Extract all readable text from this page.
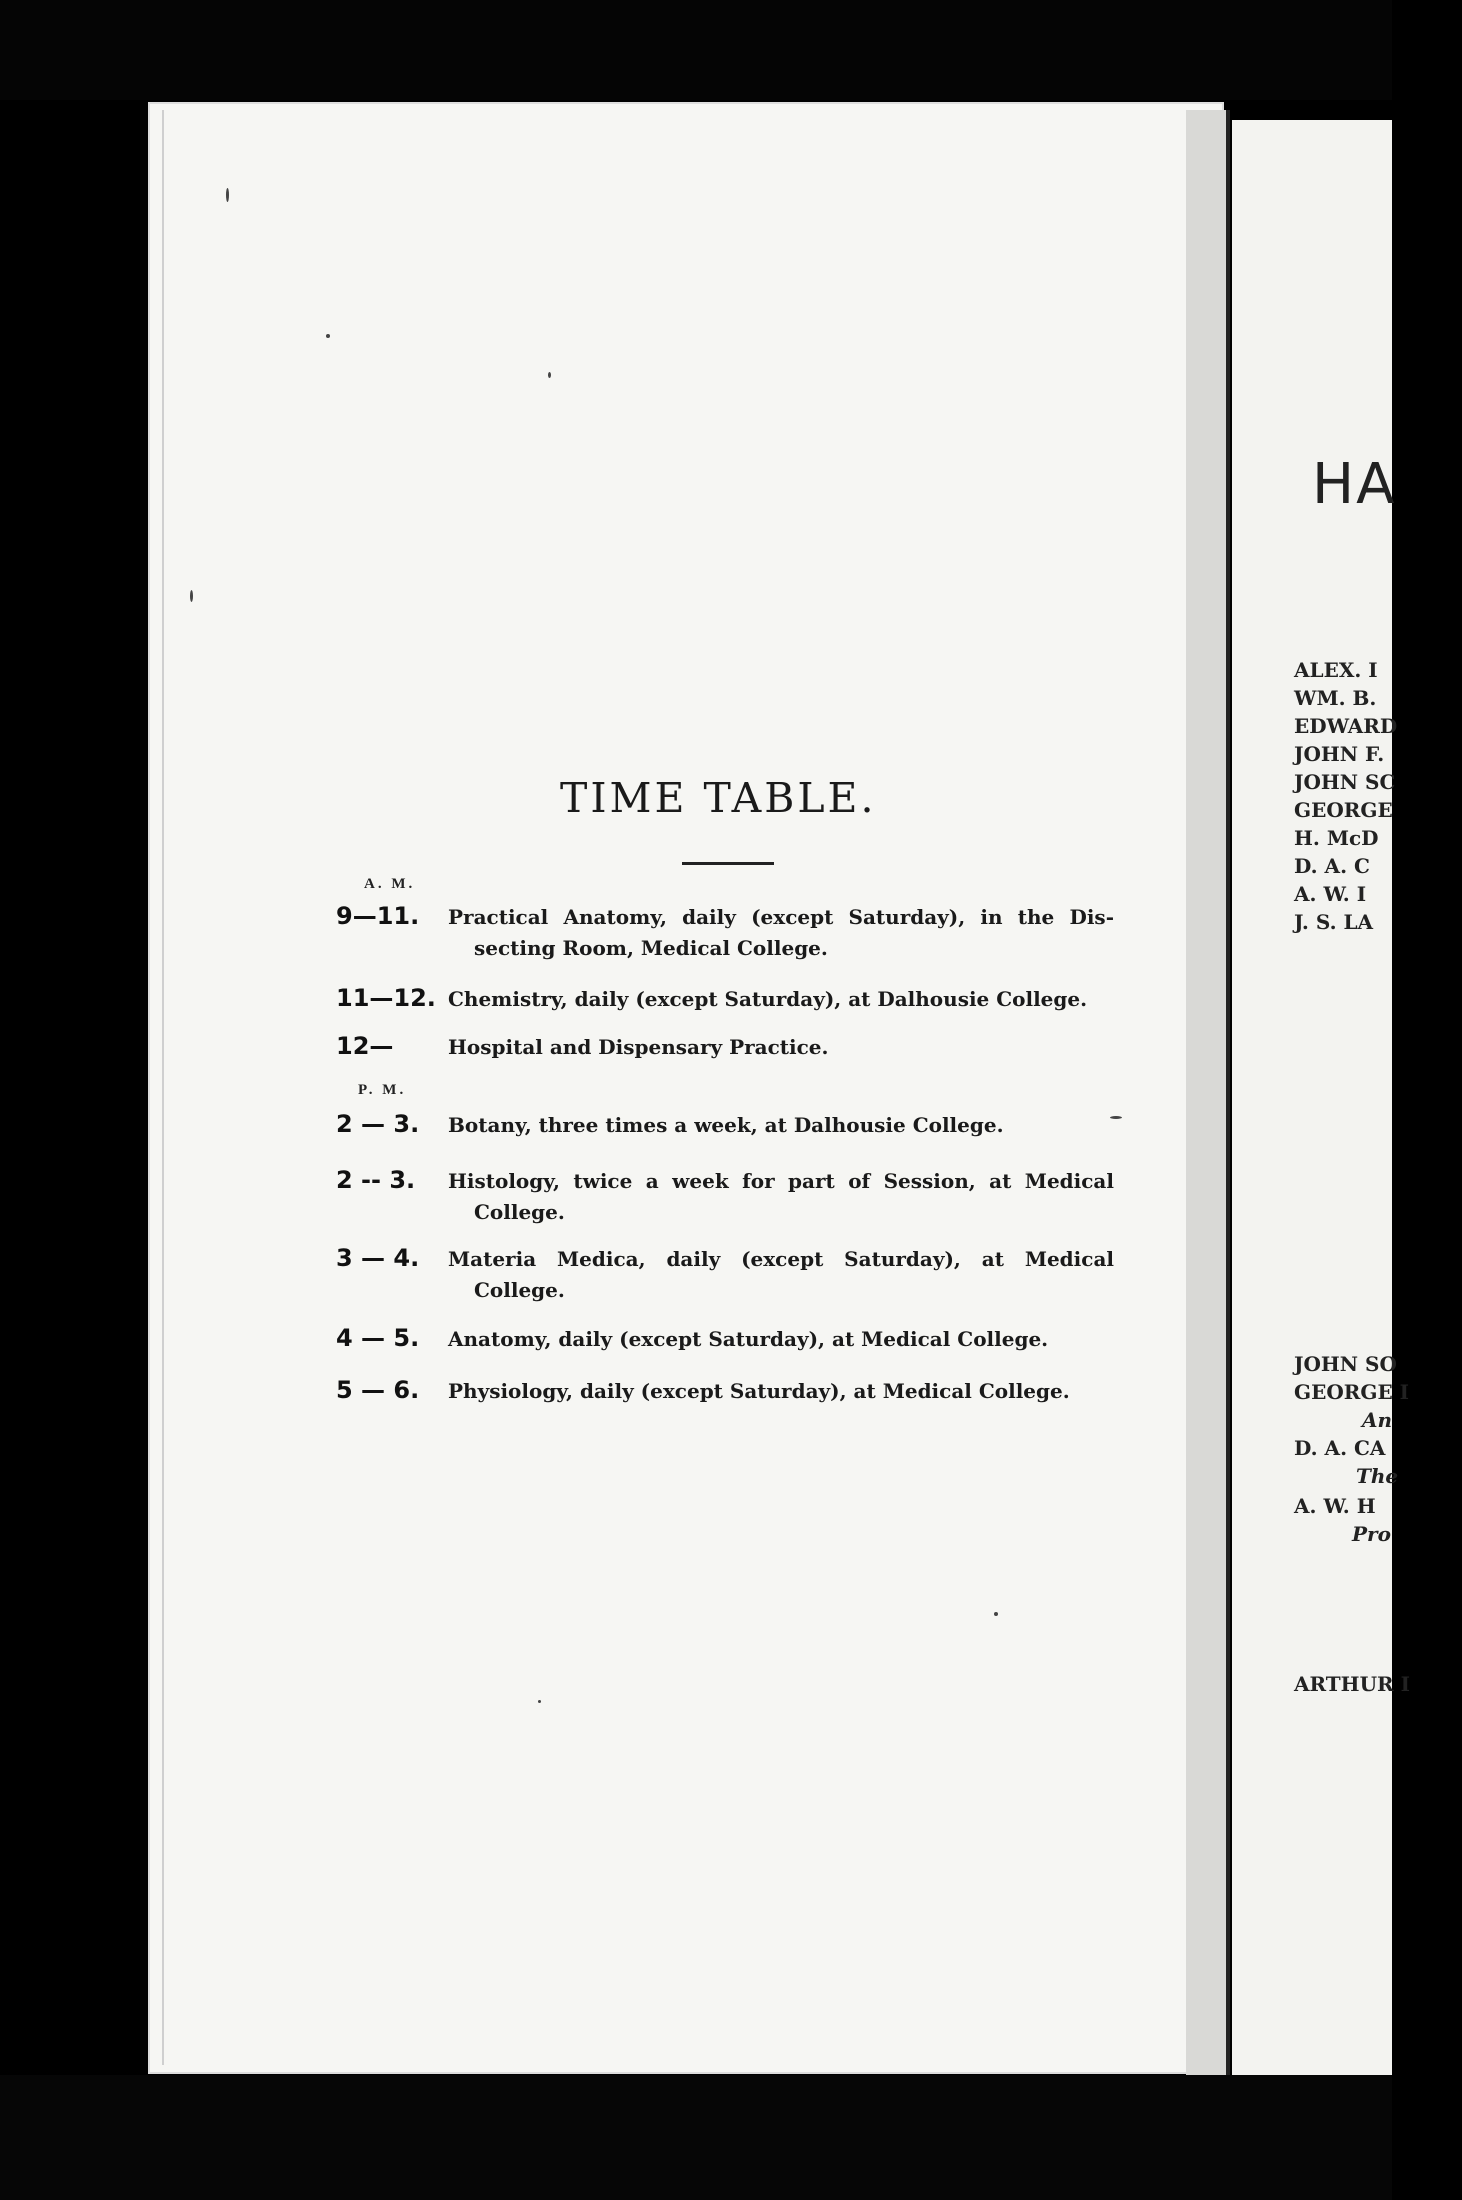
TIME TABLE.
A. M.
9—11.	Practical Anatomy, daily (except Saturday), in the Dis-
secting Room, Medical College.
11—12. Chemistry, daily (except Saturday), at Dalhousie College.
12—	Hospital and Dispensary Practice.
P. M.
2 — 3.	Botany, three times a week, at Dalhousie College.
2 -- 3.	Histology, twice a week for part of Session, at Medical
College.
3 — 4.	Materia Medica, daily (except Saturday), at Medical
College.
4 — 5.	Anatomy, daily (except Saturday), at Medical College.
5 — 6.	Physiology, daily (except Saturday), at Medical College.
HA
ALEX. I
WM. B.
EDWARD
JOHN F.
JOHN SC
GEORGE
H. McD
D. A. C
A. W. I
J. S. LA
JOHN SO
GEORGE I
An
D. A. CA
The
A. W. H
Pro
ARTHUR I
